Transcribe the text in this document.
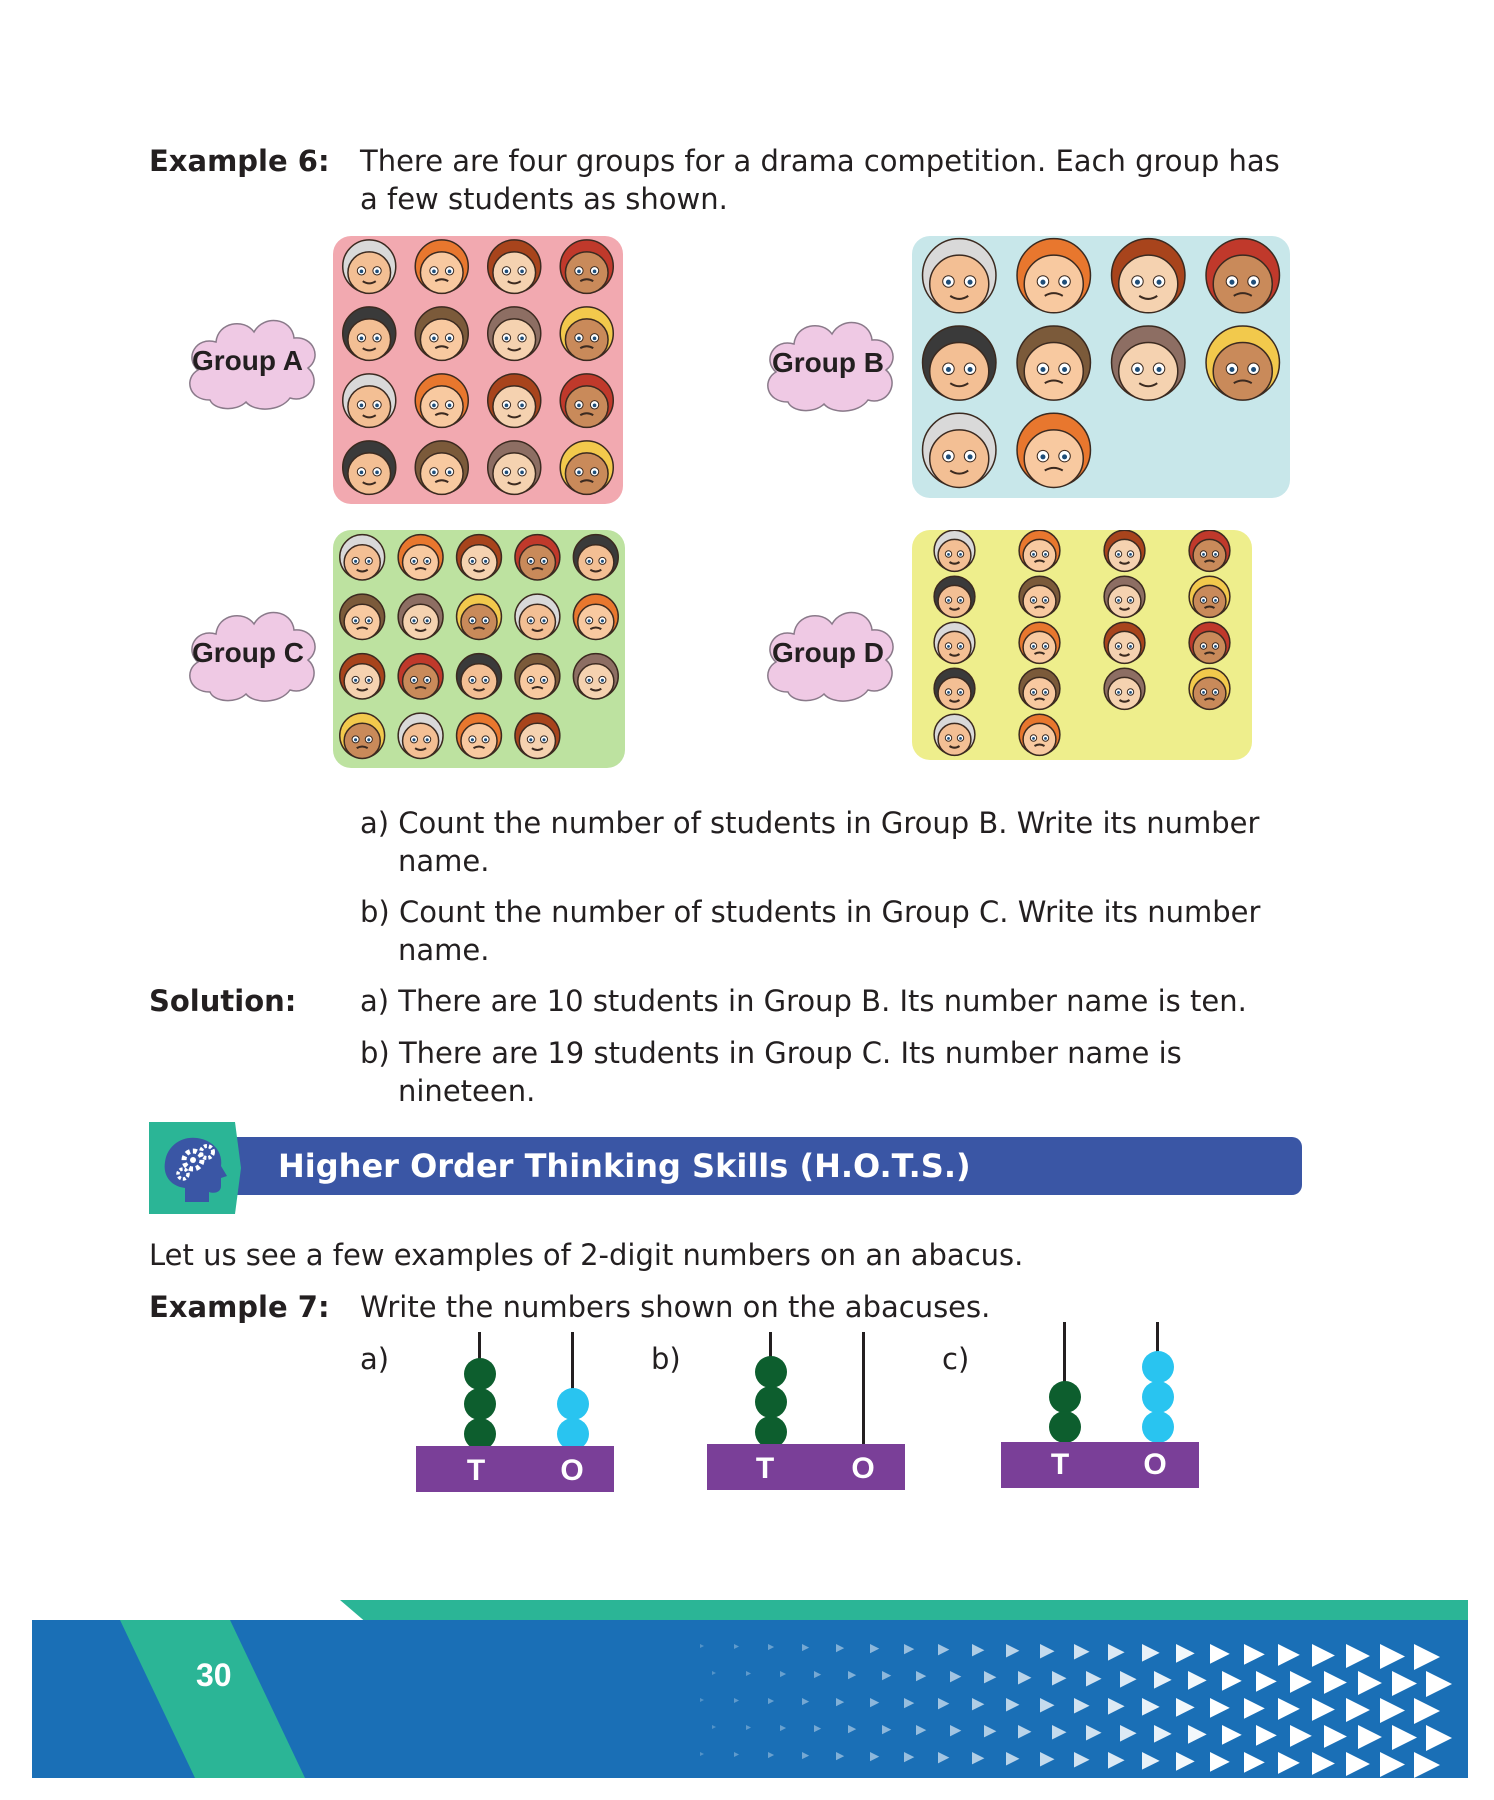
Example 6: There are four groups for a drama competition. Each group has
a few students as shown.
Group A	Group B
Group C	Group D
a) Count the number of students in Group B. Write its number
name.
b) Count the number of students in Group C. Write its number
name.
Solution: a) There are 10 students in Group B. Its number name is ten.
b) There are 19 students in Group C. Its number name is
nineteen.
Higher Order Thinking Skills (H.O.T.S.)
Let us see a few examples of 2-digit numbers on an abacus.
Example 7: Write the numbers shown on the abacuses.
a)
T	O
b)
T	O
c)
T	O
30
